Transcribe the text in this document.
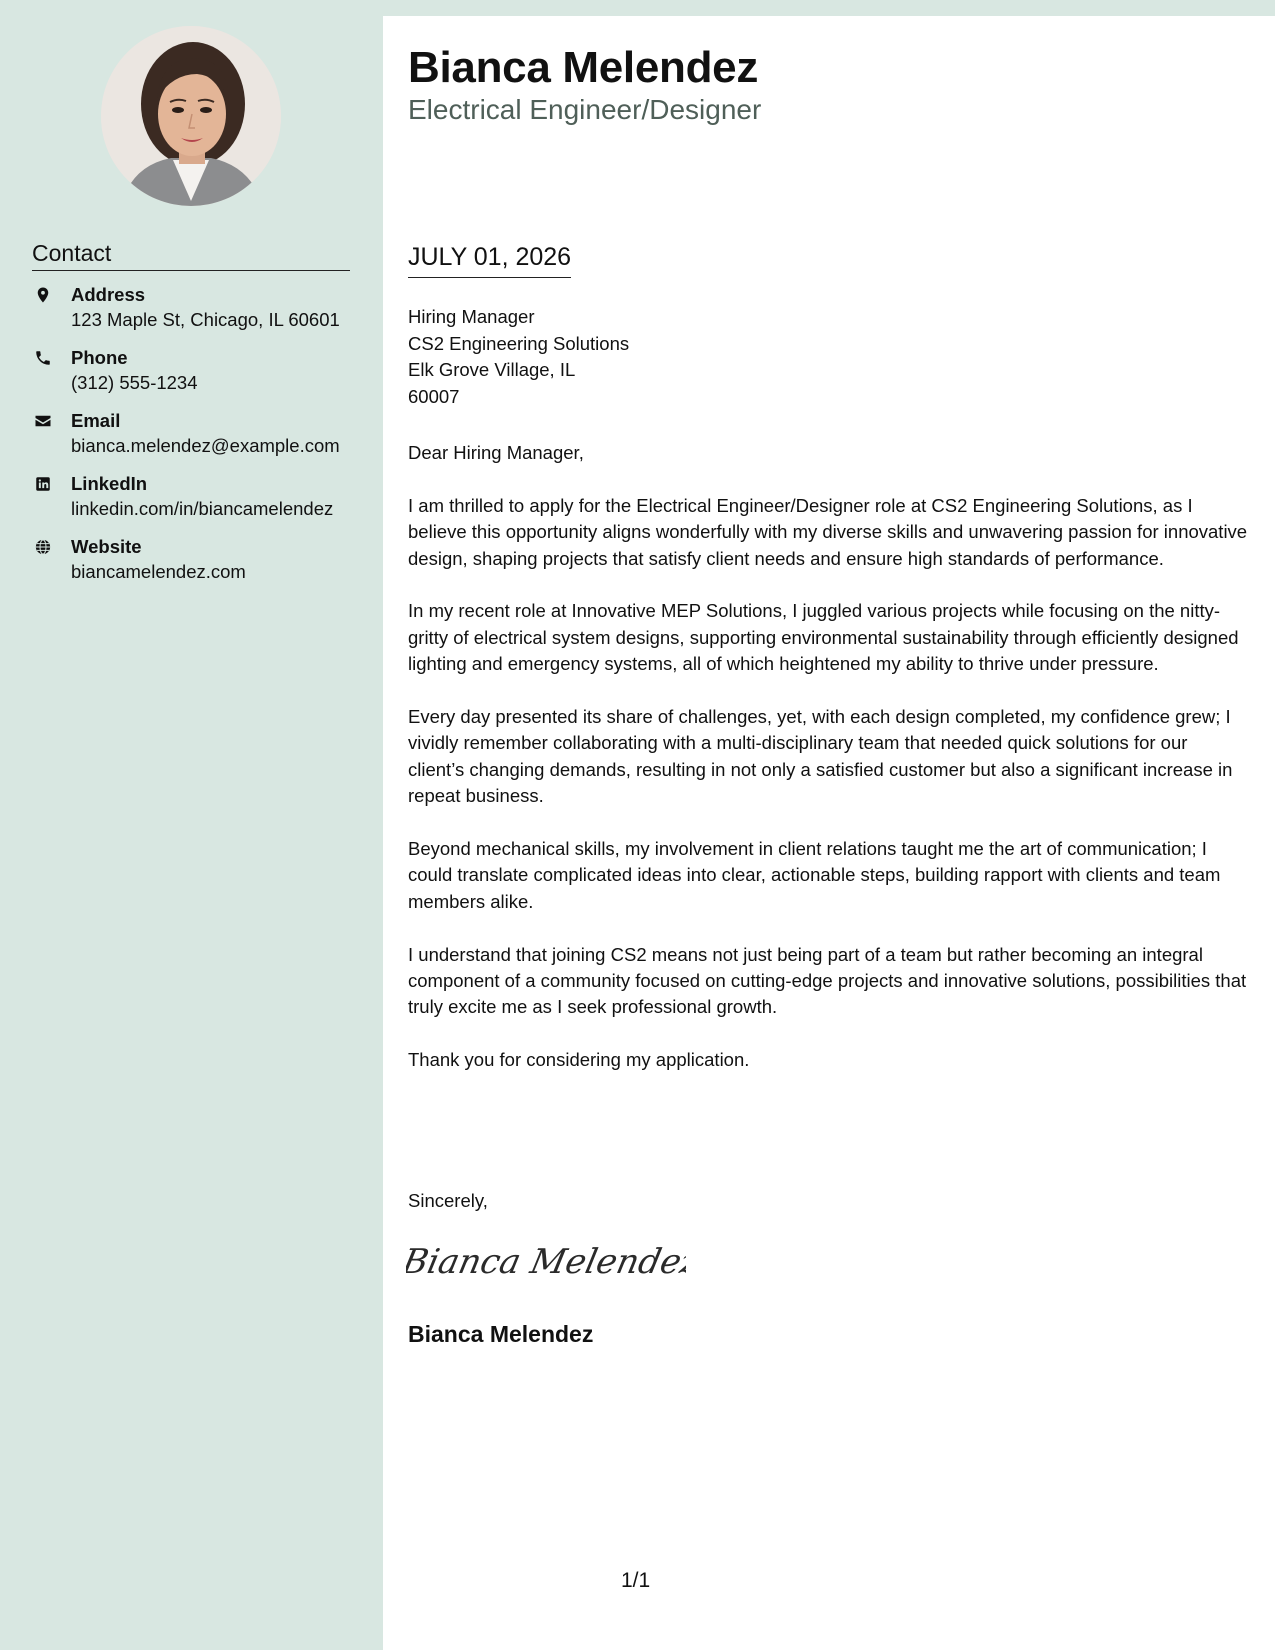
Contact
Address
123 Maple St, Chicago, IL 60601
Phone
(312) 555-1234
Email
bianca.melendez@example.com
LinkedIn
linkedin.com/in/biancamelendez
Website
biancamelendez.com
Bianca Melendez
Electrical Engineer/Designer
JULY 01, 2026
Hiring Manager
CS2 Engineering Solutions
Elk Grove Village, IL
60007

Dear Hiring Manager,

I am thrilled to apply for the Electrical Engineer/Designer role at CS2 Engineering Solutions, as I believe this opportunity aligns wonderfully with my diverse skills and unwavering passion for innovative design, shaping projects that satisfy client needs and ensure high standards of performance.

In my recent role at Innovative MEP Solutions, I juggled various projects while focusing on the nitty-gritty of electrical system designs, supporting environmental sustainability through efficiently designed lighting and emergency systems, all of which heightened my ability to thrive under pressure.

Every day presented its share of challenges, yet, with each design completed, my confidence grew; I vividly remember collaborating with a multi-disciplinary team that needed quick solutions for our client’s changing demands, resulting in not only a satisfied customer but also a significant increase in repeat business.

Beyond mechanical skills, my involvement in client relations taught me the art of communication; I could translate complicated ideas into clear, actionable steps, building rapport with clients and team members alike.

I understand that joining CS2 means not just being part of a team but rather becoming an integral component of a community focused on cutting-edge projects and innovative solutions, possibilities that truly excite me as I seek professional growth.

Thank you for considering my application.

Sincerely,
Bianca Melendez
Bianca Melendez
1/1
